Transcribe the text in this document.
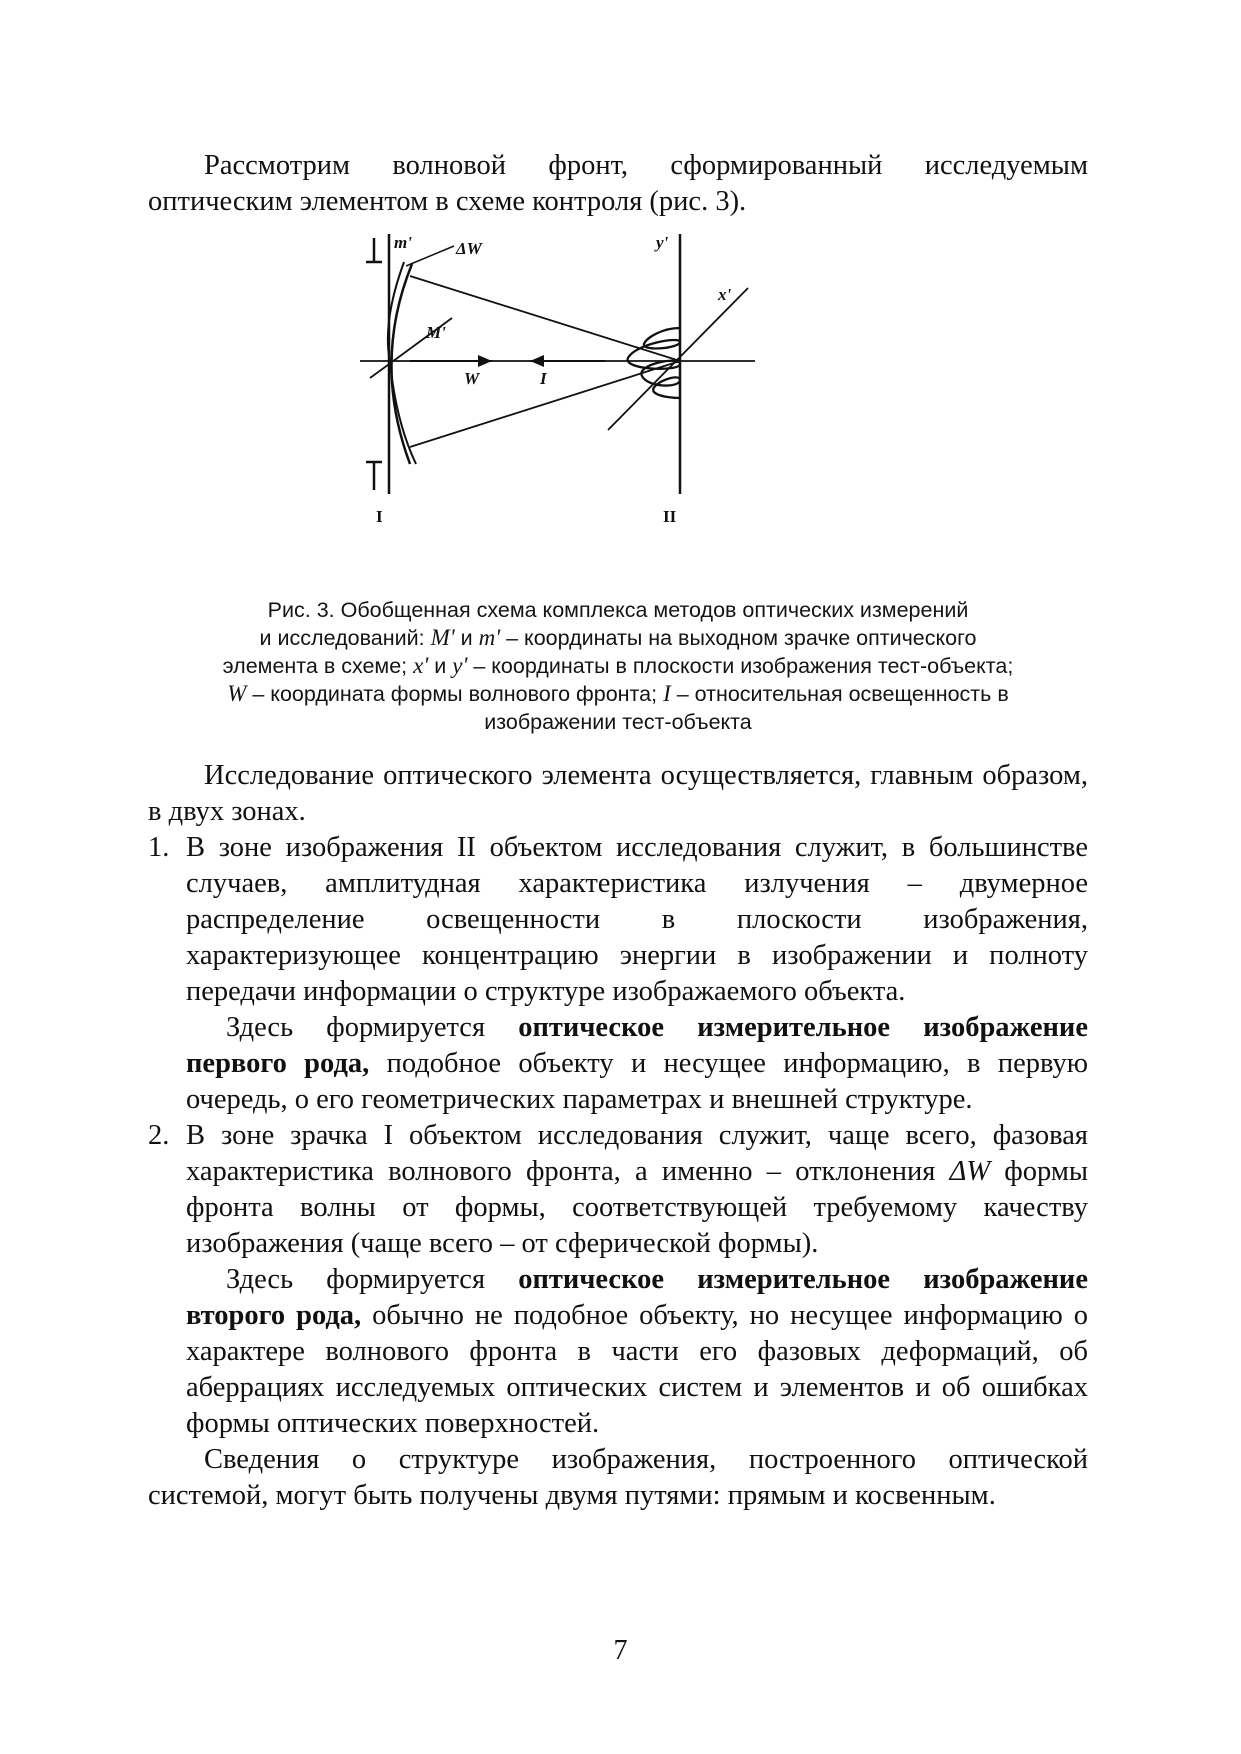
Рассмотрим волновой фронт, сформированный исследуемым оптическим элементом в схеме контроля (рис. 3).
m'	y'
ΔW
x'
M'
W	I
I	II
Рис. 3. Обобщенная схема комплекса методов оптических измерений
и исследований: M' и m' – координаты на выходном зрачке оптического
элемента в схеме; x' и y' – координаты в плоскости изображения тест-объекта;
W – координата формы волнового фронта; I – относительная освещенность в
изображении тест-объекта
Исследование оптического элемента осуществляется, главным образом, в двух зонах.
1. В зоне изображения II объектом исследования служит, в большинстве случаев, амплитудная характеристика излучения – двумерное распределение освещенности в плоскости изображения, характеризующее концентрацию энергии в изображении и полноту передачи информации о структуре изображаемого объекта.
Здесь формируется оптическое измерительное изображение первого рода, подобное объекту и несущее информацию, в первую очередь, о его геометрических параметрах и внешней структуре.
2. В зоне зрачка I объектом исследования служит, чаще всего, фазовая характеристика волнового фронта, а именно – отклонения ΔW формы фронта волны от формы, соответствующей требуемому качеству изображения (чаще всего – от сферической формы).
Здесь формируется оптическое измерительное изображение второго рода, обычно не подобное объекту, но несущее информацию о характере волнового фронта в части его фазовых деформаций, об аберрациях исследуемых оптических систем и элементов и об ошибках формы оптических поверхностей.
Сведения о структуре изображения, построенного оптической системой, могут быть получены двумя путями: прямым и косвенным.
7
